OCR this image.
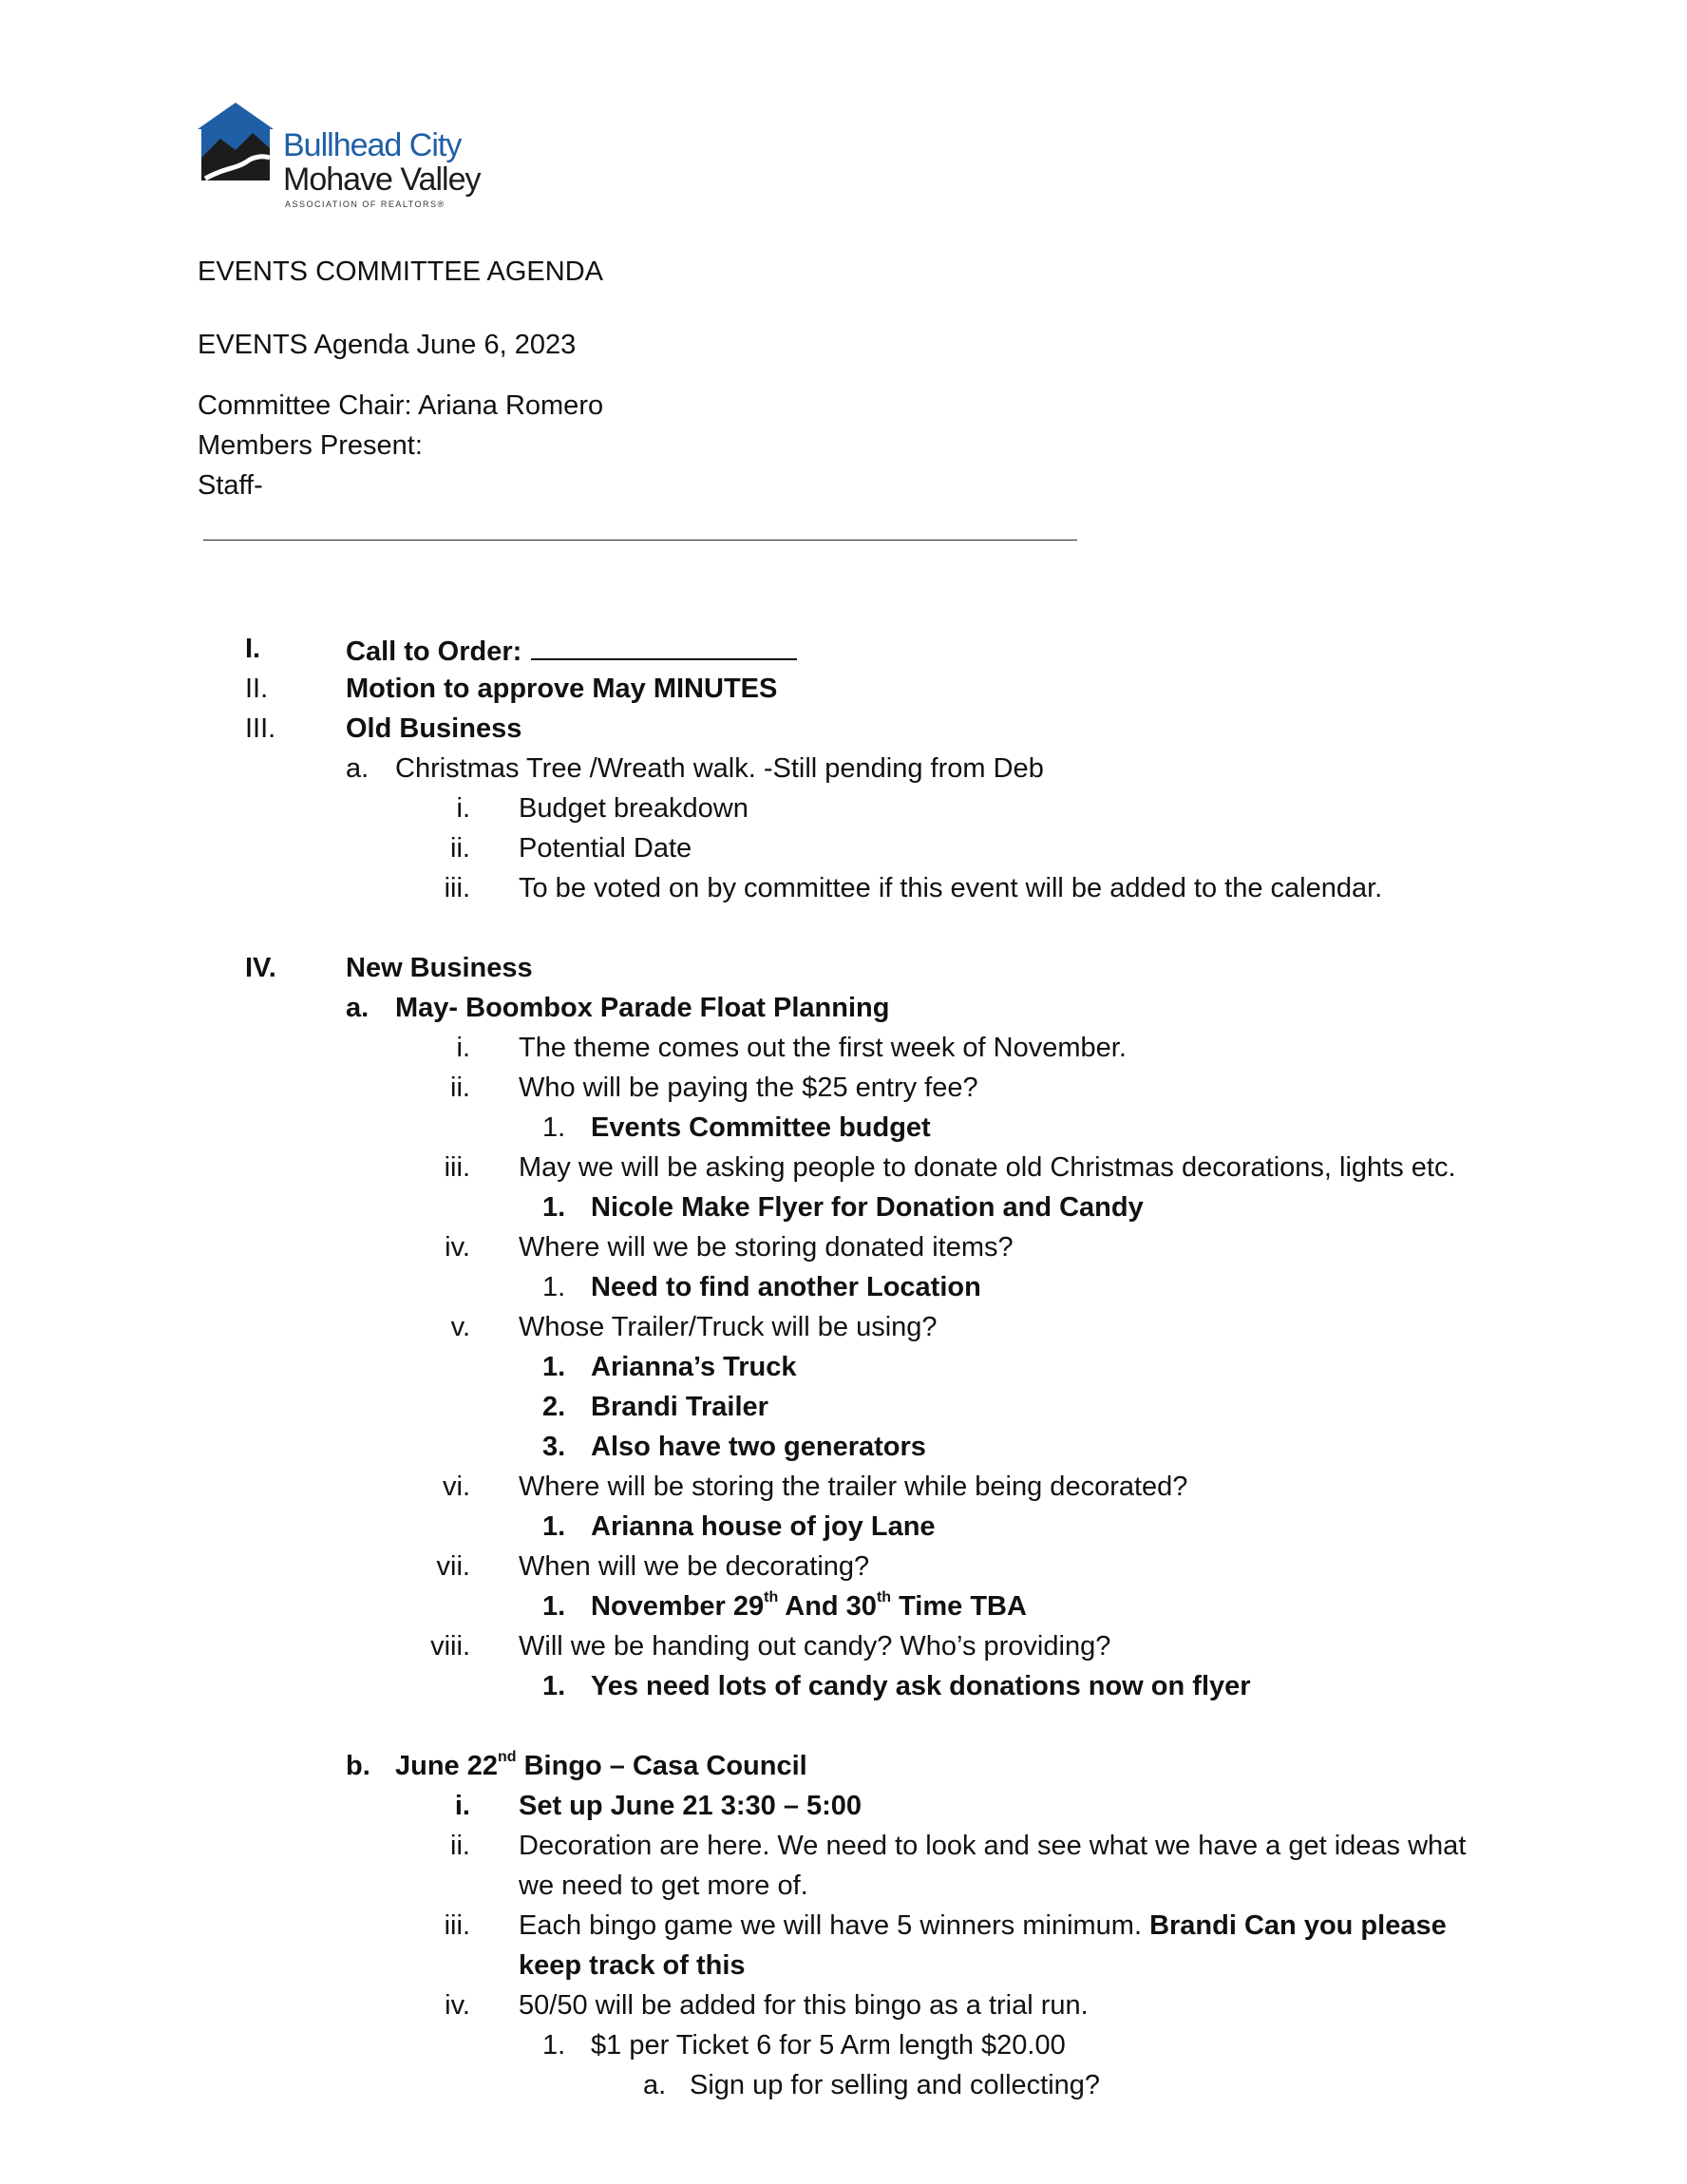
Bullhead City
Mohave Valley
ASSOCIATION OF REALTORS®
EVENTS COMMITTEE AGENDA
EVENTS Agenda June 6, 2023
Committee Chair: Ariana Romero
Members Present:
Staff-
I.	Call to Order:
II.	Motion to approve May MINUTES
III.	Old Business
a. Christmas Tree /Wreath walk. -Still pending from Deb
i. Budget breakdown
ii. Potential Date
iii. To be voted on by committee if this event will be added to the calendar.
IV.	New Business
a. May- Boombox Parade Float Planning
i. The theme comes out the first week of November.
ii. Who will be paying the $25 entry fee?
1. Events Committee budget
iii. May we will be asking people to donate old Christmas decorations, lights etc.
1. Nicole Make Flyer for Donation and Candy
iv. Where will we be storing donated items?
1. Need to find another Location
v. Whose Trailer/Truck will be using?
1. Arianna’s Truck
2. Brandi Trailer
3. Also have two generators
vi. Where will be storing the trailer while being decorated?
1. Arianna house of joy Lane
vii. When will we be decorating?
1. November 29th And 30th Time TBA
viii. Will we be handing out candy? Who’s providing?
1. Yes need lots of candy ask donations now on flyer
b. June 22nd Bingo – Casa Council
i. Set up June 21 3:30 – 5:00
ii. Decoration are here. We need to look and see what we have a get ideas what
we need to get more of.
iii. Each bingo game we will have 5 winners minimum. Brandi Can you please
keep track of this
iv. 50/50 will be added for this bingo as a trial run.
1. $1 per Ticket 6 for 5 Arm length $20.00
a. Sign up for selling and collecting?
